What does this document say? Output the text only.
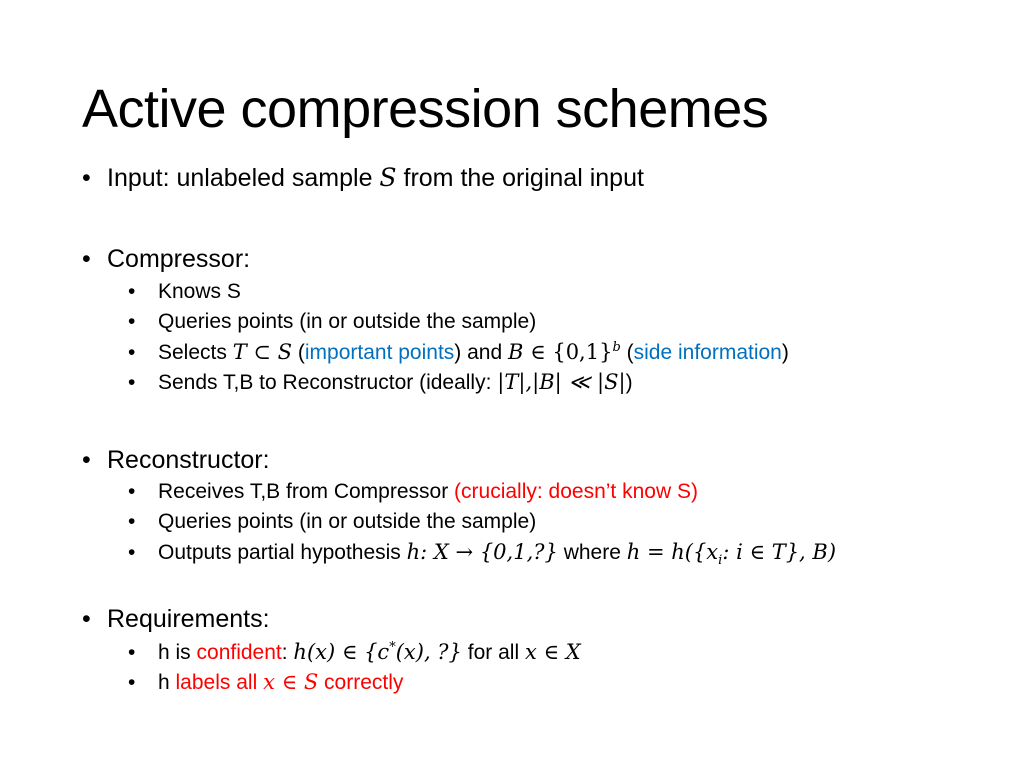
Active compression schemes
• Input: unlabeled sample S from the original input
• Compressor:
• Knows S
• Queries points (in or outside the sample)
• Selects T ⊂ S (important points) and B ∈ $\{0,1\}^b$ (side information)
• Sends T,B to Reconstructor (ideally: |T|,|B| ≪ |S|)
• Reconstructor:
• Receives T,B from Compressor (crucially: doesn’t know S)
• Queries points (in or outside the sample)
• Outputs partial hypothesis h: X → {0,1,?} where $h = h(\{x_i$: i ∈ T}, B)
• Requirements:
• h is confident: h(x) ∈ {c*(x), ?} for all x ∈ X
• h labels all x ∈ S correctly
